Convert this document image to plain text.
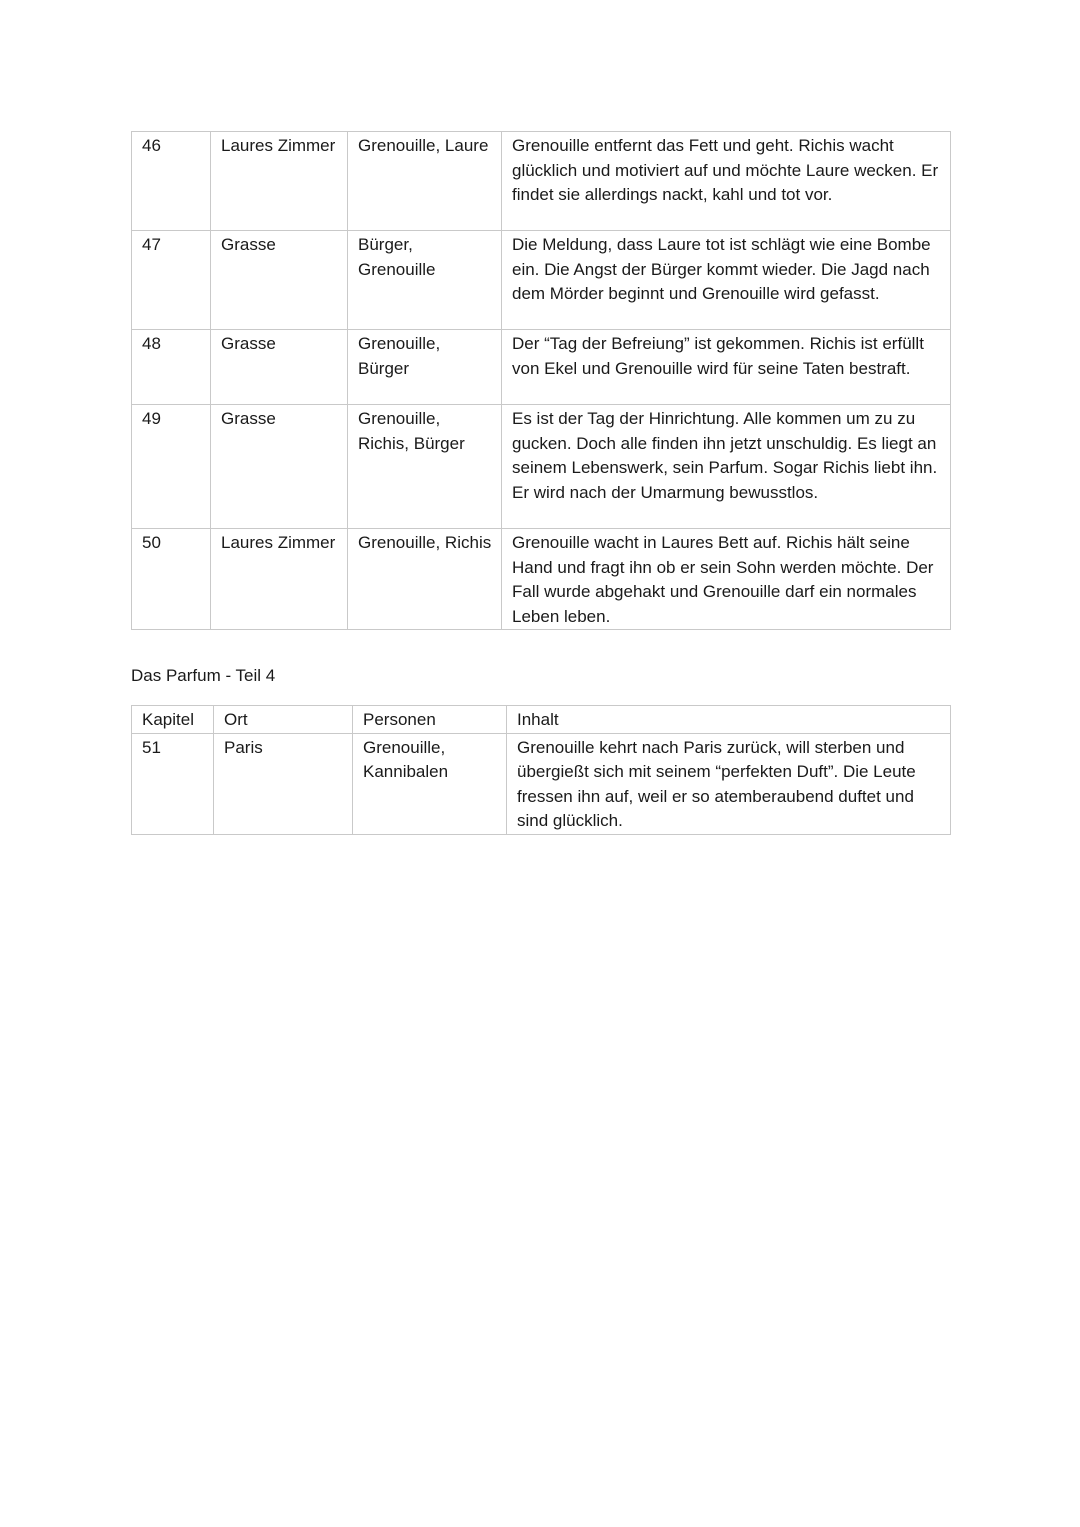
46	Laures Zimmer	Grenouille, Laure	Grenouille entfernt das Fett und geht. Richis wacht glücklich und motiviert auf und möchte Laure wecken. Er findet sie allerdings nackt, kahl und tot vor.
47	Grasse	Bürger, Grenouille	Die Meldung, dass Laure tot ist schlägt wie eine Bombe ein. Die Angst der Bürger kommt wieder. Die Jagd nach dem Mörder beginnt und Grenouille wird gefasst.
48	Grasse	Grenouille, Bürger	Der “Tag der Befreiung” ist gekommen. Richis ist erfüllt von Ekel und Grenouille wird für seine Taten bestraft.
49	Grasse	Grenouille, Richis, Bürger	Es ist der Tag der Hinrichtung. Alle kommen um zu zu gucken. Doch alle finden ihn jetzt unschuldig. Es liegt an seinem Lebenswerk, sein Parfum. Sogar Richis liebt ihn. Er wird nach der Umarmung bewusstlos.
50	Laures Zimmer	Grenouille, Richis	Grenouille wacht in Laures Bett auf. Richis hält seine Hand und fragt ihn ob er sein Sohn werden möchte. Der Fall wurde abgehakt und Grenouille darf ein normales Leben leben.

Das Parfum - Teil 4

Kapitel	Ort	Personen	Inhalt
51	Paris	Grenouille, Kannibalen	Grenouille kehrt nach Paris zurück, will sterben und übergießt sich mit seinem “perfekten Duft”. Die Leute fressen ihn auf, weil er so atemberaubend duftet und sind glücklich.
